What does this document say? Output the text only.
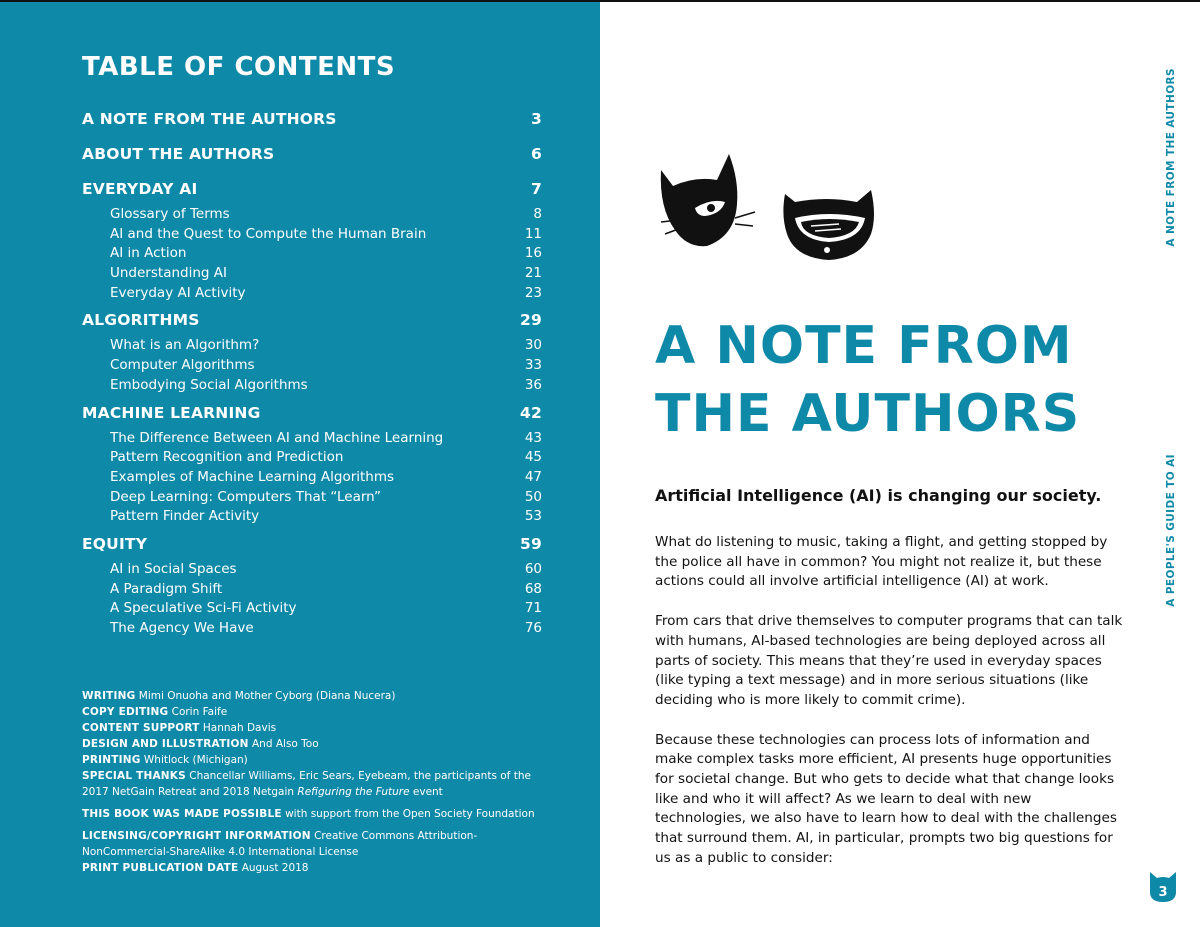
TABLE OF CONTENTS
A NOTE FROM THE AUTHORS	3
ABOUT THE AUTHORS	6
EVERYDAY AI	7
Glossary of Terms	8
AI and the Quest to Compute the Human Brain	11
AI in Action	16
Understanding AI	21
Everyday AI Activity	23
ALGORITHMS	29
What is an Algorithm?	30
Computer Algorithms	33
Embodying Social Algorithms	36
MACHINE LEARNING	42
The Difference Between AI and Machine Learning	43
Pattern Recognition and Prediction	45
Examples of Machine Learning Algorithms	47
Deep Learning: Computers That “Learn”	50
Pattern Finder Activity	53
EQUITY	59
AI in Social Spaces	60
A Paradigm Shift	68
A Speculative Sci-Fi Activity	71
The Agency We Have	76
WRITING Mimi Onuoha and Mother Cyborg (Diana Nucera)
COPY EDITING Corin Faife
CONTENT SUPPORT Hannah Davis
DESIGN AND ILLUSTRATION And Also Too
PRINTING Whitlock (Michigan)
SPECIAL THANKS Chancellar Williams, Eric Sears, Eyebeam, the participants of the
2017 NetGain Retreat and 2018 Netgain Refiguring the Future event
THIS BOOK WAS MADE POSSIBLE with support from the Open Society Foundation
LICENSING/COPYRIGHT INFORMATION Creative Commons Attribution-
NonCommercial-ShareAlike 4.0 International License
PRINT PUBLICATION DATE August 2018
A NOTE FROM THE AUTHORS
A PEOPLE'S GUIDE TO AI
A NOTE FROM
THE AUTHORS
Artificial Intelligence (AI) is changing our society.

What do listening to music, taking a flight, and getting stopped by the police all have in common? You might not realize it, but these actions could all involve artificial intelligence (AI) at work.

From cars that drive themselves to computer programs that can talk with humans, AI-based technologies are being deployed across all parts of society. This means that they’re used in everyday spaces (like typing a text message) and in more serious situations (like deciding who is more likely to commit crime).

Because these technologies can process lots of information and make complex tasks more efficient, AI presents huge opportunities for societal change. But who gets to decide what that change looks like and who it will affect? As we learn to deal with new technologies, we also have to learn how to deal with the challenges that surround them. AI, in particular, prompts two big questions for us as a public to consider:

3
